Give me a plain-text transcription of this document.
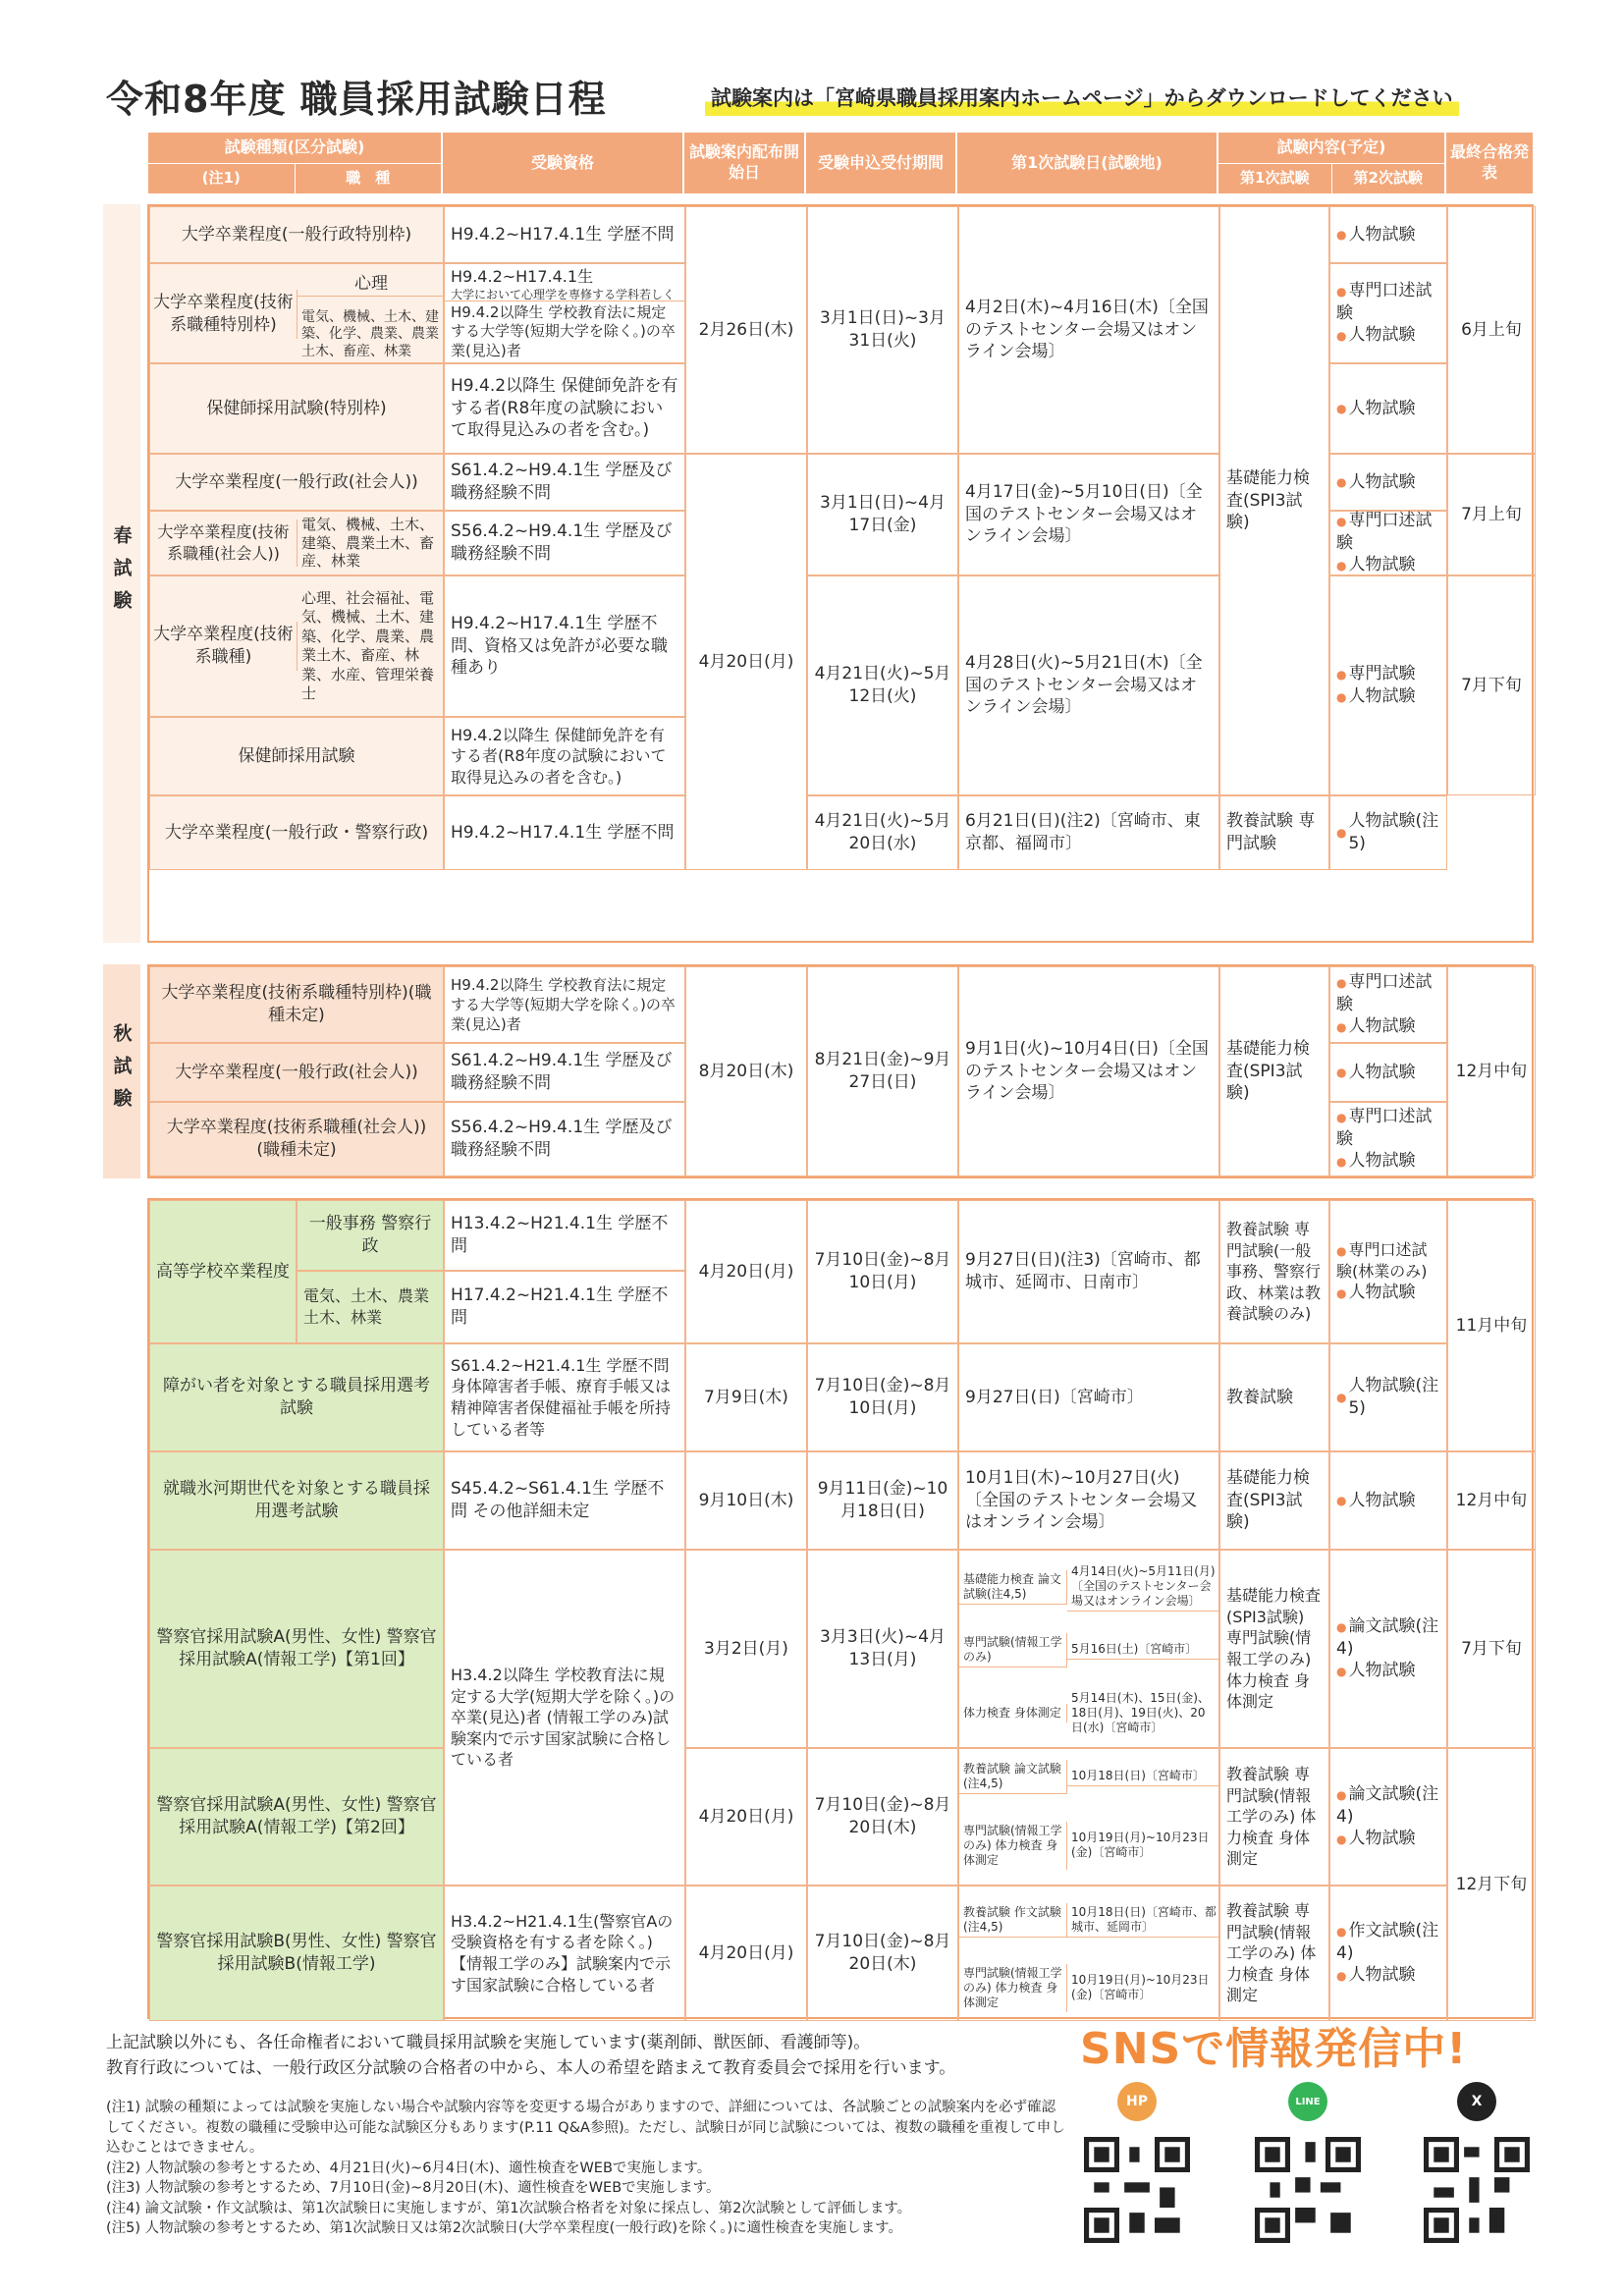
令和8年度 職員採用試験日程	試験案内は「宮崎県職員採用案内ホームページ」からダウンロードしてください
試験種類(区分試験)
(注1)	職　種
受験資格
試験案内配布開始日
受験申込受付期間	第1次試験日(試験地)
試験内容(予定)
第1次試験	第2次試験
最終合格発表
春試験
大学卒業程度(一般行政特別枠)	H9.4.2~H17.4.1生 学歴不問
●	人物試験
大学卒業程度(技術系職種特別枠)
心理
電気、機械、土木、建築、化学、農業、農業土木、畜産、林業
H9.4.2~H17.4.1生
大学において心理学を専修する学科若しく
H9.4.2以降生 学校教育法に規定する大学等(短期大学を除く。)の卒業(見込)者
● 専門口述試験
● 人物試験
保健師採用試験(特別枠)
H9.4.2以降生 保健師免許を有する者(R8年度の試験において取得見込みの者を含む。)
● 人物試験
2月26日(木)
3月1日(日)~3月31日(火)
4月2日(木)~4月16日(木)〔全国のテストセンター会場又はオンライン会場〕
6月上旬
大学卒業程度(一般行政(社会人))
S61.4.2~H9.4.1生 学歴及び職務経験不問
● 人物試験
大学卒業程度(技術系職種(社会人))
電気、機械、土木、建築、農業土木、畜産、林業
S56.4.2~H9.4.1生 学歴及び職務経験不問
● 専門口述試験
● 人物試験
3月1日(日)~4月17日(金)
4月17日(金)~5月10日(日)〔全国のテストセンター会場又はオンライン会場〕
7月上旬
基礎能力検査(SPI3試験)
大学卒業程度(技術系職種)
心理、社会福祉、電気、機械、土木、建築、化学、農業、農業土木、畜産、林業、水産、管理栄養士
H9.4.2~H17.4.1生 学歴不問、資格又は免許が必要な職種あり
保健師採用試験
H9.4.2以降生 保健師免許を有する者(R8年度の試験において取得見込みの者を含む。)
4月21日(火)~5月12日(火)
4月28日(火)~5月21日(木)〔全国のテストセンター会場又はオンライン会場〕
● 専門試験
● 人物試験
7月下旬
4月20日(月)
大学卒業程度(一般行政・警察行政)	H9.4.2~H17.4.1生 学歴不問
4月21日(火)~5月20日(水)
6月21日(日)(注2)〔宮崎市、東京都、福岡市〕
教養試験 専門試験
● 人物試験(注5)
秋試験
大学卒業程度(技術系職種特別枠)(職種未定)
H9.4.2以降生 学校教育法に規定する大学等(短期大学を除く。)の卒業(見込)者
● 専門口述試験
● 人物試験
大学卒業程度(一般行政(社会人))
S61.4.2~H9.4.1生 学歴及び職務経験不問
● 人物試験
大学卒業程度(技術系職種(社会人))(職種未定)
S56.4.2~H9.4.1生 学歴及び職務経験不問
● 専門口述試験
● 人物試験
8月20日(木)
8月21日(金)~9月27日(日)
9月1日(火)~10月4日(日)〔全国のテストセンター会場又はオンライン会場〕
基礎能力検査(SPI3試験)
12月中旬
高等学校卒業程度
一般事務 警察行政
H13.4.2~H21.4.1生 学歴不問
電気、土木、農業土木、林業
H17.4.2~H21.4.1生 学歴不問
4月20日(月)
7月10日(金)~8月10日(月)
9月27日(日)(注3)〔宮崎市、都城市、延岡市、日南市〕
教養試験 専門試験(一般事務、警察行政、林業は教養試験のみ)
● 専門口述試験(林業のみ)
● 人物試験
11月中旬
障がい者を対象とする職員採用選考試験
S61.4.2~H21.4.1生 学歴不問 身体障害者手帳、療育手帳又は精神障害者保健福祉手帳を所持している者等
7月9日(木)
7月10日(金)~8月10日(月)
9月27日(日)〔宮崎市〕	教養試験
● 人物試験(注5)
就職氷河期世代を対象とする職員採用選考試験
S45.4.2~S61.4.1生 学歴不問 その他詳細未定
9月10日(木)
9月11日(金)~10月18日(日)
10月1日(木)~10月27日(火)〔全国のテストセンター会場又はオンライン会場〕
基礎能力検査(SPI3試験)
● 人物試験	12月中旬
警察官採用試験A(男性、女性) 警察官採用試験A(情報工学)【第1回】
H3.4.2以降生 学校教育法に規定する大学(短期大学を除く。)の卒業(見込)者 (情報工学のみ)試験案内で示す国家試験に合格している者
3月2日(月)
3月3日(火)~4月13日(月)
基礎能力検査 論文試験(注4,5)
4月14日(火)~5月11日(月)〔全国のテストセンター会場又はオンライン会場〕
専門試験(情報工学のみ)
5月16日(土)〔宮崎市〕
体力検査 身体測定
5月14日(木)、15日(金)、18日(月)、19日(火)、20日(水)〔宮崎市〕
基礎能力検査(SPI3試験) 専門試験(情報工学のみ) 体力検査 身体測定
● 論文試験(注4)
● 人物試験
7月下旬
警察官採用試験A(男性、女性) 警察官採用試験A(情報工学)【第2回】
4月20日(月)
7月10日(金)~8月20日(木)
教養試験 論文試験(注4,5)
10月18日(日)〔宮崎市〕
専門試験(情報工学のみ) 体力検査 身体測定
10月19日(月)~10月23日(金)〔宮崎市〕
教養試験 専門試験(情報工学のみ) 体力検査 身体測定
● 論文試験(注4)
● 人物試験
警察官採用試験B(男性、女性) 警察官採用試験B(情報工学)
H3.4.2~H21.4.1生(警察官Aの受験資格を有する者を除く。)【情報工学のみ】試験案内で示す国家試験に合格している者
4月20日(月)
7月10日(金)~8月20日(木)
教養試験 作文試験(注4,5)
10月18日(日)〔宮崎市、都城市、延岡市〕
専門試験(情報工学のみ) 体力検査 身体測定
10月19日(月)~10月23日(金)〔宮崎市〕
教養試験 専門試験(情報工学のみ) 体力検査 身体測定
● 作文試験(注4)
● 人物試験
12月下旬
上記試験以外にも、各任命権者において職員採用試験を実施しています(薬剤師、獣医師、看護師等)。
教育行政については、一般行政区分試験の合格者の中から、本人の希望を踏まえて教育委員会で採用を行います。
(注1) 試験の種類によっては試験を実施しない場合や試験内容等を変更する場合がありますので、詳細については、各試験ごとの試験案内を必ず確認してください。複数の職種に受験申込可能な試験区分もあります(P.11 Q&A参照)。ただし、試験日が同じ試験については、複数の職種を重複して申し込むことはできません。
(注2) 人物試験の参考とするため、4月21日(火)~6月4日(木)、適性検査をWEBで実施します。
(注3) 人物試験の参考とするため、7月10日(金)~8月20日(木)、適性検査をWEBで実施します。
(注4) 論文試験・作文試験は、第1次試験日に実施しますが、第1次試験合格者を対象に採点し、第2次試験として評価します。
(注5) 人物試験の参考とするため、第1次試験日又は第2次試験日(大学卒業程度(一般行政)を除く。)に適性検査を実施します。
SNSで情報発信中!
HP	LINE	X
